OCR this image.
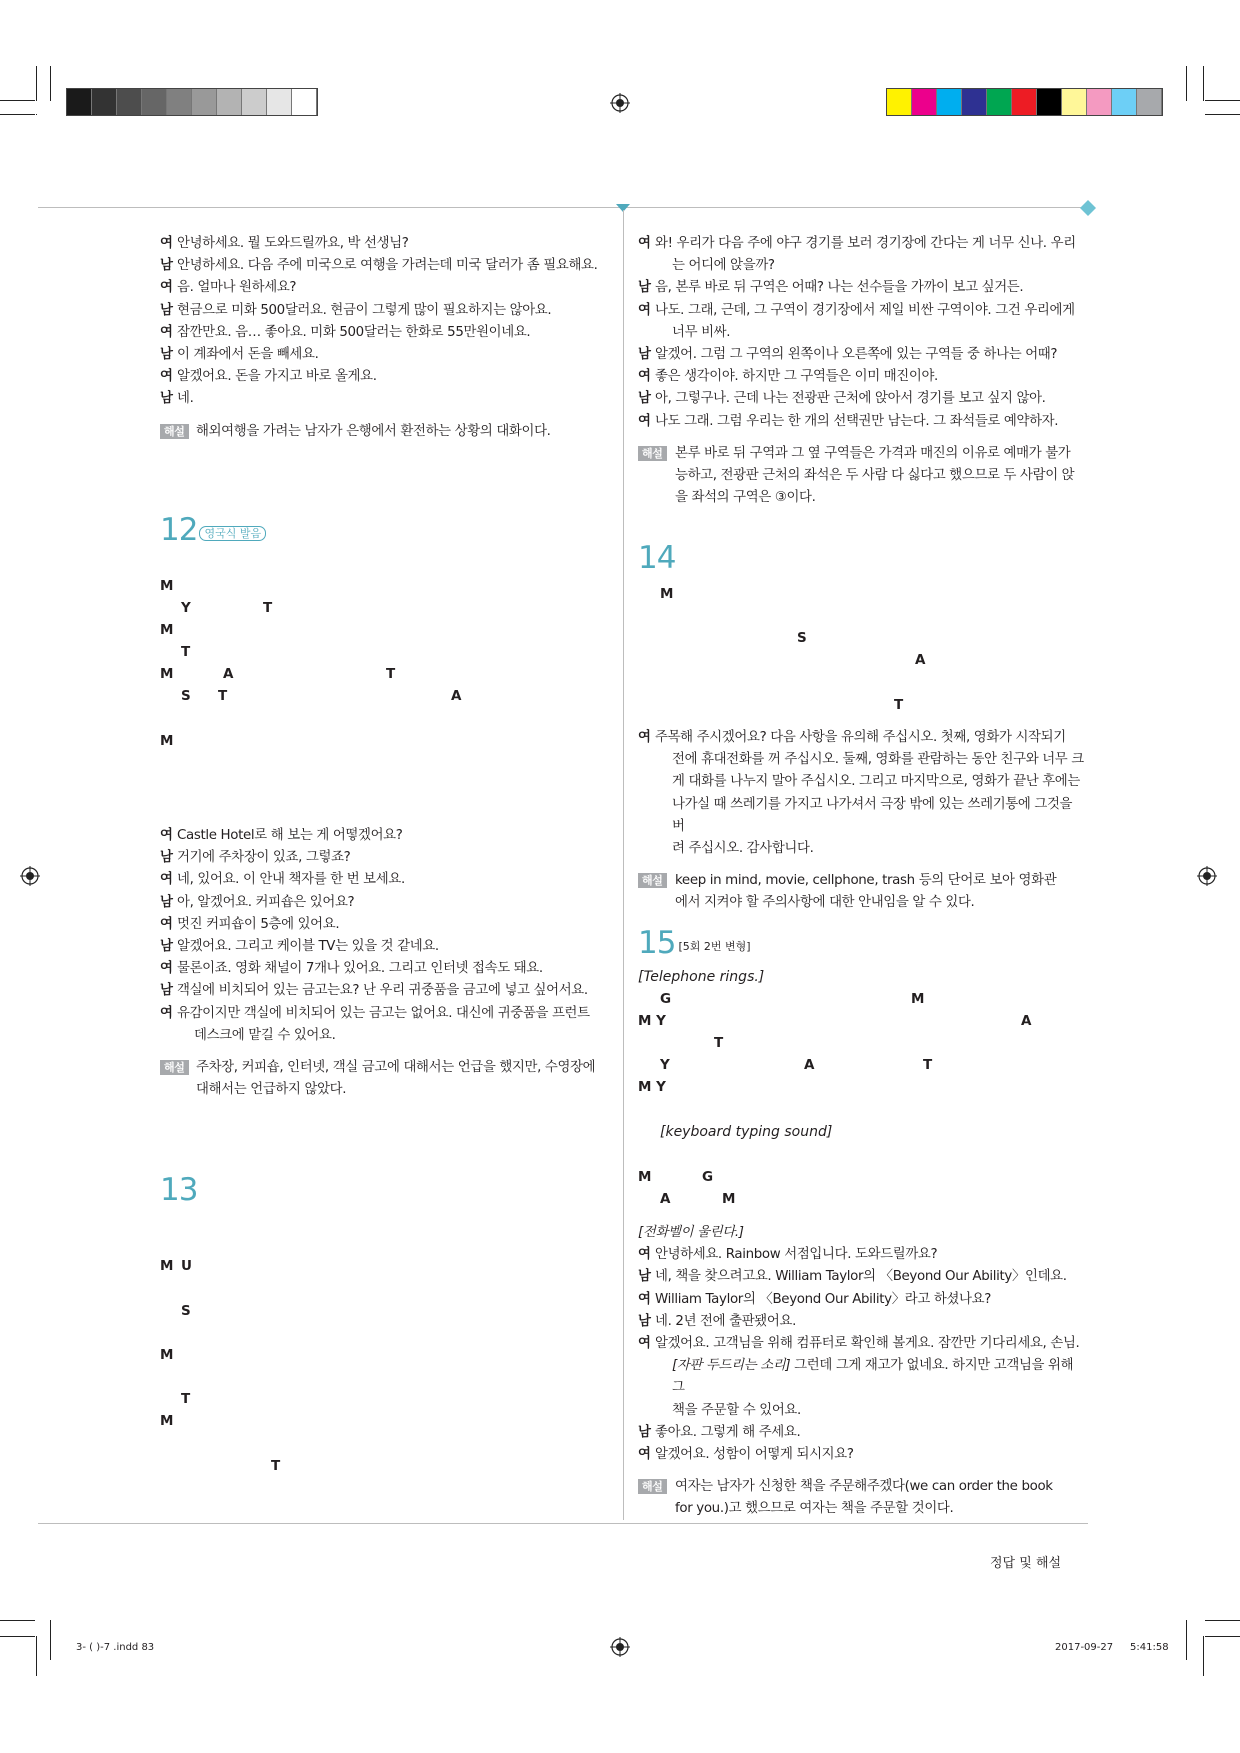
여 안녕하세요. 뭘 도와드릴까요, 박 선생님?

남 안녕하세요. 다음 주에 미국으로 여행을 가려는데 미국 달러가 좀 필요해요.

여 음. 얼마나 원하세요?

남 현금으로 미화 500달러요. 현금이 그렇게 많이 필요하지는 않아요.

여 잠깐만요. 음… 좋아요. 미화 500달러는 한화로 55만원이네요.

남 이 계좌에서 돈을 빼세요.

여 알겠어요. 돈을 가지고 바로 올게요.

남 네.

해설 해외여행을 가려는 남자가 은행에서 환전하는 상황의 대화이다.

12 영국식 발음
M
Y	T
M
T
M	A	T
S T	A
M

여 Castle Hotel로 해 보는 게 어떻겠어요?

남 거기에 주차장이 있죠, 그렇죠?

여 네, 있어요. 이 안내 책자를 한 번 보세요.

남 아, 알겠어요. 커피숍은 있어요?

여 멋진 커피숍이 5층에 있어요.

남 알겠어요. 그리고 케이블 TV는 있을 것 같네요.

여 물론이죠. 영화 채널이 7개나 있어요. 그리고 인터넷 접속도 돼요.

남 객실에 비치되어 있는 금고는요? 난 우리 귀중품을 금고에 넣고 싶어서요.

여 유감이지만 객실에 비치되어 있는 금고는 없어요. 대신에 귀중품을 프런트

데스크에 맡길 수 있어요.

해설 주차장, 커피숍, 인터넷, 객실 금고에 대해서는 언급을 했지만, 수영장에

대해서는 언급하지 않았다.

13
M U
S
M
T
M
T

여 와! 우리가 다음 주에 야구 경기를 보러 경기장에 간다는 게 너무 신나. 우리

는 어디에 앉을까?

남 음, 본루 바로 뒤 구역은 어때? 나는 선수들을 가까이 보고 싶거든.

여 나도. 그래, 근데, 그 구역이 경기장에서 제일 비싼 구역이야. 그건 우리에게

너무 비싸.

남 알겠어. 그럼 그 구역의 왼쪽이나 오른쪽에 있는 구역들 중 하나는 어때?

여 좋은 생각이야. 하지만 그 구역들은 이미 매진이야.

남 아, 그렇구나. 근데 나는 전광판 근처에 앉아서 경기를 보고 싶지 않아.

여 나도 그래. 그럼 우리는 한 개의 선택권만 남는다. 그 좌석들로 예약하자.

해설 본루 바로 뒤 구역과 그 옆 구역들은 가격과 매진의 이유로 예매가 불가

능하고, 전광판 근처의 좌석은 두 사람 다 싫다고 했으므로 두 사람이 앉

을 좌석의 구역은 ③이다.

14
M
S
A
T

여 주목해 주시겠어요? 다음 사항을 유의해 주십시오. 첫째, 영화가 시작되기

전에 휴대전화를 꺼 주십시오. 둘째, 영화를 관람하는 동안 친구와 너무 크

게 대화를 나누지 말아 주십시오. 그리고 마지막으로, 영화가 끝난 후에는

나가실 때 쓰레기를 가지고 나가셔서 극장 밖에 있는 쓰레기통에 그것을 버

려 주십시오. 감사합니다.

해설 keep in mind, movie, cellphone, trash 등의 단어로 보아 영화관

에서 지켜야 할 주의사항에 대한 안내임을 알 수 있다.

15 [5회 2번 변형]
[Telephone rings.]
G	M
M Y	A
T
Y	A	T
M Y
[keyboard typing sound]
M	G
A	M

[전화벨이 울린다.]

여 안녕하세요. Rainbow 서점입니다. 도와드릴까요?

남 네, 책을 찾으려고요. William Taylor의 〈Beyond Our Ability〉인데요.

여 William Taylor의 〈Beyond Our Ability〉라고 하셨나요?

남 네. 2년 전에 출판됐어요.

여 알겠어요. 고객님을 위해 컴퓨터로 확인해 볼게요. 잠깐만 기다리세요, 손님.

[자판 두드리는 소리] 그런데 그게 재고가 없네요. 하지만 고객님을 위해 그

책을 주문할 수 있어요.

남 좋아요. 그렇게 해 주세요.

여 알겠어요. 성함이 어떻게 되시지요?

해설 여자는 남자가 신청한 책을 주문해주겠다(we can order the book

for you.)고 했으므로 여자는 책을 주문할 것이다.

정답 및 해설
3- ( )-7 .indd 83	2017-09-27 5:41:58
